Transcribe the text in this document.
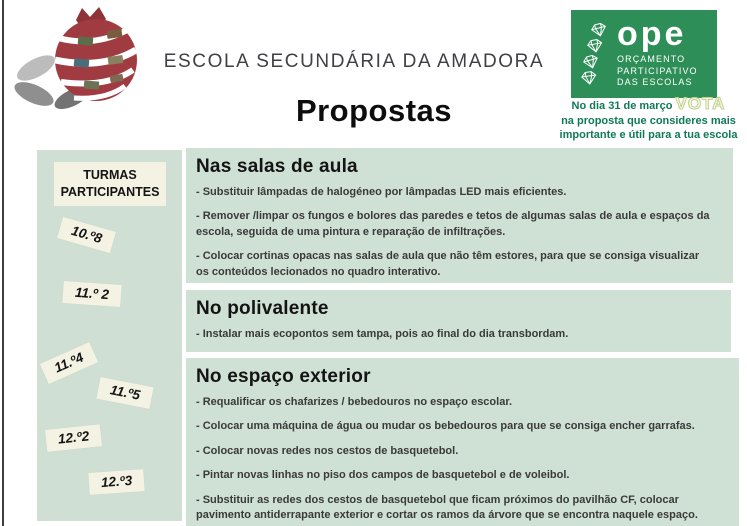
ESCOLA SECUNDÁRIA DA AMADORA
Propostas
ope
ORÇAMENTO
PARTICIPATIVO
DAS ESCOLAS
No dia 31 de março VOTA
na proposta que consideres mais
importante e útil para a tua escola
TURMAS PARTICIPANTES
10.º8
11.º 2
11.º4
11.º5
12.º2
12.º3
Nas salas de aula

- Substituir lâmpadas de halogéneo por lâmpadas LED mais eficientes.

- Remover /limpar os fungos e bolores das paredes e tetos de algumas salas de aula e espaços da escola, seguida de uma pintura e reparação de infiltrações.

- Colocar cortinas opacas nas salas de aula que não têm estores, para que se consiga visualizar os conteúdos lecionados no quadro interativo.

No polivalente

- Instalar mais ecopontos sem tampa, pois ao final do dia transbordam.

No espaço exterior

- Requalificar os chafarizes / bebedouros no espaço escolar.

- Colocar uma máquina de água ou mudar os bebedouros para que se consiga encher garrafas.

- Colocar novas redes nos cestos de basquetebol.

- Pintar novas linhas no piso dos campos de basquetebol e de voleibol.

- Substituir as redes dos cestos de basquetebol que ficam próximos do pavilhão CF, colocar pavimento antiderrapante exterior e cortar os ramos da árvore que se encontra naquele espaço.
